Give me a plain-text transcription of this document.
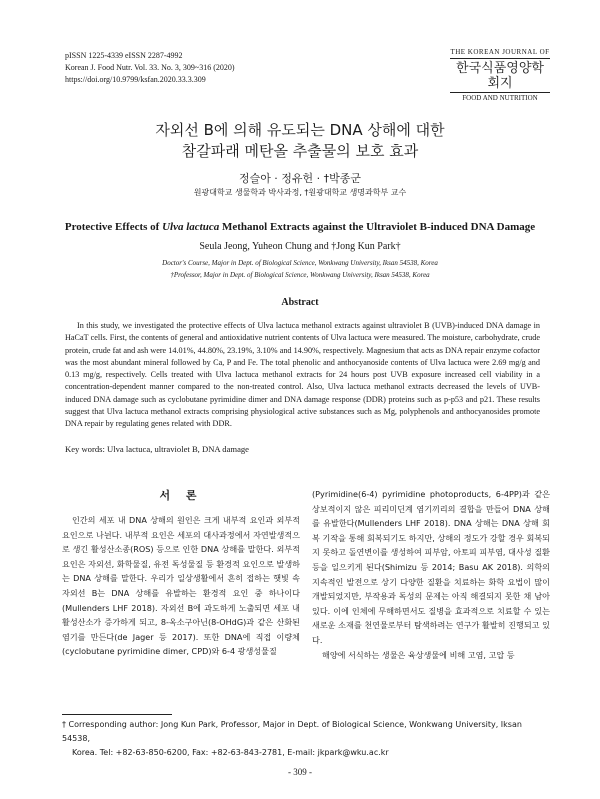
pISSN 1225-4339 eISSN 2287-4992
Korean J. Food Nutr. Vol. 33. No. 3, 309~316 (2020)
https://doi.org/10.9799/ksfan.2020.33.3.309
THE KOREAN JOURNAL OF
한국식품영양학회지
FOOD AND NUTRITION
자외선 B에 의해 유도되는 DNA 상해에 대한
참갈파래 메탄올 추출물의 보호 효과
정슬아 · 정유헌 · †박종군
원광대학교 생물학과 박사과정, †원광대학교 생명과학부 교수
Protective Effects of Ulva lactuca Methanol Extracts against the Ultraviolet B-induced DNA Damage
Seula Jeong, Yuheon Chung and †Jong Kun Park†
Doctor's Course, Major in Dept. of Biological Science, Wonkwang University, Iksan 54538, Korea
†Professor, Major in Dept. of Biological Science, Wonkwang University, Iksan 54538, Korea
Abstract
In this study, we investigated the protective effects of Ulva lactuca methanol extracts against ultraviolet B (UVB)-induced DNA damage in HaCaT cells. First, the contents of general and antioxidative nutrient contents of Ulva lactuca were measured. The moisture, carbohydrate, crude protein, crude fat and ash were 14.01%, 44.80%, 23.19%, 3.10% and 14.90%, respectively. Magnesium that acts as DNA repair enzyme cofactor was the most abundant mineral followed by Ca, P and Fe. The total phenolic and anthocyanoside contents of Ulva lactuca were 2.69 mg/g and 0.13 mg/g, respectively. Cells treated with Ulva lactuca methanol extracts for 24 hours post UVB exposure increased cell viability in a concentration-dependent manner compared to the non-treated control. Also, Ulva lactuca methanol extracts decreased the levels of UVB-induced DNA damage such as cyclobutane pyrimidine dimer and DNA damage response (DDR) proteins such as p-p53 and p21. These results suggest that Ulva lactuca methanol extracts comprising physiological active substances such as Mg, polyphenols and anthocyanosides promote DNA repair by regulating genes related with DDR.
Key words: Ulva lactuca, ultraviolet B, DNA damage
서 론
인간의 세포 내 DNA 상해의 원인은 크게 내부적 요인과 외부적 요인으로 나뉜다. 내부적 요인은 세포의 대사과정에서 자연발생적으로 생긴 활성산소종(ROS) 등으로 인한 DNA 상해를 말한다. 외부적 요인은 자외선, 화학물질, 유전 독성물질 등 환경적 요인으로 발생하는 DNA 상해를 말한다. 우리가 일상생활에서 흔히 접하는 햇빛 속 자외선 B는 DNA 상해를 유발하는 환경적 요인 중 하나이다(Mullenders LHF 2018). 자외선 B에 과도하게 노출되면 세포 내 활성산소가 증가하게 되고, 8-옥소구아닌(8-OHdG)과 같은 산화된 염기를 만든다(de Jager 등 2017). 또한 DNA에 직접 이량체(cyclobutane pyrimidine dimer, CPD)와 6-4 광생성물질

(Pyrimidine(6-4) pyrimidine photoproducts, 6-4PP)과 같은 상보적이지 않은 피리미딘계 염기끼리의 결합을 만들어 DNA 상해를 유발한다(Mullenders LHF 2018). DNA 상해는 DNA 상해 회복 기작을 통해 회복되기도 하지만, 상해의 정도가 강할 경우 회복되지 못하고 돌연변이를 생성하여 피부암, 아토피 피부염, 대사성 질환 등을 일으키게 된다(Shimizu 등 2014; Basu AK 2018). 의학의 지속적인 발전으로 상기 다양한 질환을 치료하는 화학 요법이 많이 개발되었지만, 부작용과 독성의 문제는 아직 해결되지 못한 채 남아있다. 이에 인체에 무해하면서도 질병을 효과적으로 치료할 수 있는 새로운 소재를 천연물로부터 탐색하려는 연구가 활발히 진행되고 있다.

해양에 서식하는 생물은 육상생물에 비해 고염, 고압 등

† Corresponding author: Jong Kun Park, Professor, Major in Dept. of Biological Science, Wonkwang University, Iksan 54538,
Korea. Tel: +82-63-850-6200, Fax: +82-63-843-2781, E-mail: jkpark@wku.ac.kr
- 309 -
